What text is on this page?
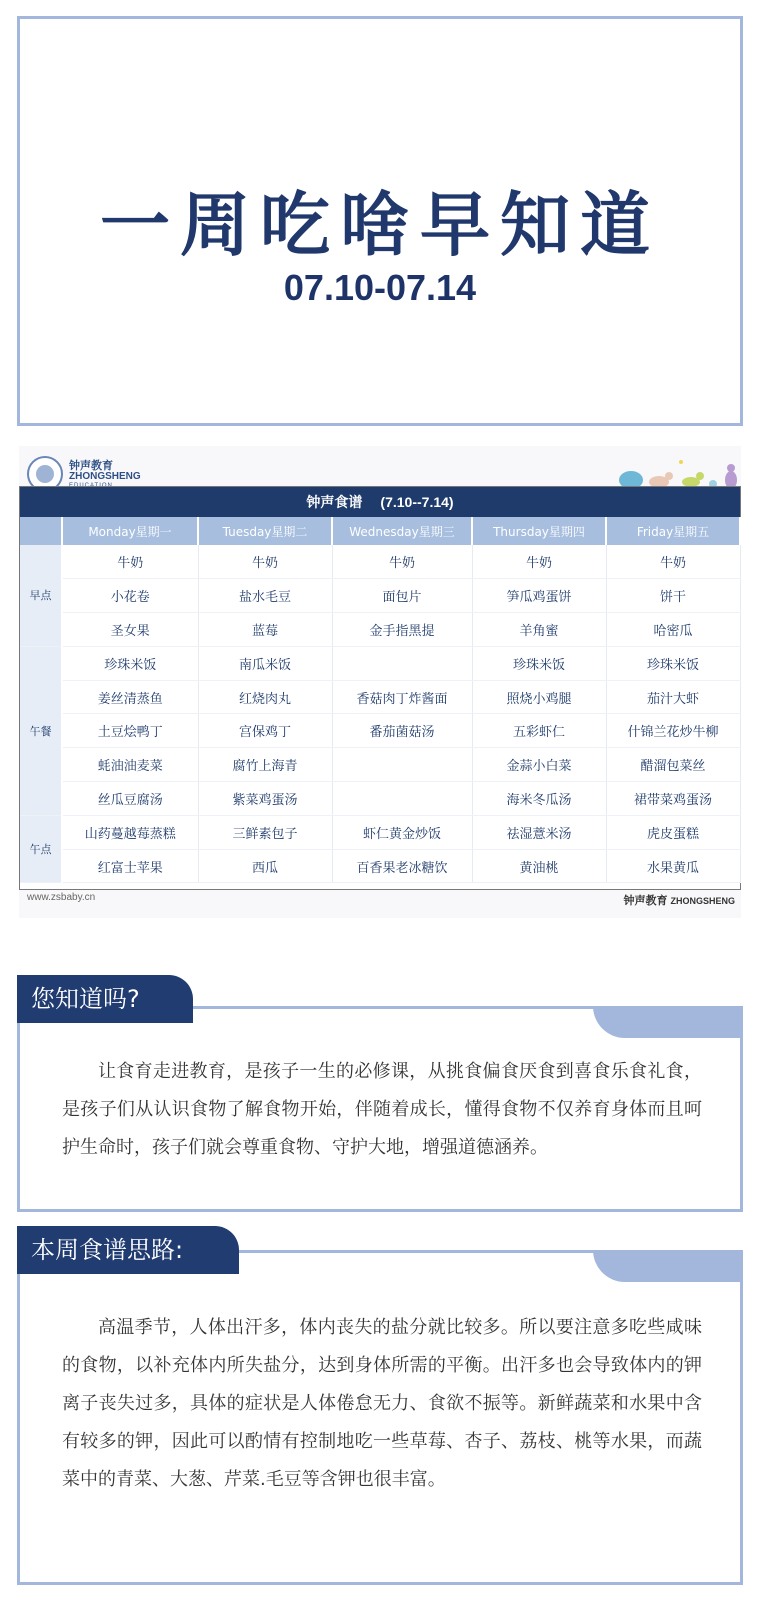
一周吃啥早知道
07.10-07.14
钟声教育
ZHONGSHENG
钟声食谱 (7.10--7.14)
	Monday星期一	Tuesday星期二	Wednesday星期三	Thursday星期四	Friday星期五
早点	牛奶	牛奶	牛奶	牛奶	牛奶
	小花卷	盐水毛豆	面包片	笋瓜鸡蛋饼	饼干
	圣女果	蓝莓	金手指黑提	羊角蜜	哈密瓜
午餐	珍珠米饭	南瓜米饭		珍珠米饭	珍珠米饭
	姜丝清蒸鱼	红烧肉丸	香菇肉丁炸酱面	照烧小鸡腿	茄汁大虾
	土豆烩鸭丁	宫保鸡丁	番茄菌菇汤	五彩虾仁	什锦兰花炒牛柳
	蚝油油麦菜	腐竹上海青		金蒜小白菜	醋溜包菜丝
	丝瓜豆腐汤	紫菜鸡蛋汤		海米冬瓜汤	裙带菜鸡蛋汤
午点	山药蔓越莓蒸糕	三鲜素包子	虾仁黄金炒饭	祛湿薏米汤	虎皮蛋糕
	红富士苹果	西瓜	百香果老冰糖饮	黄油桃	水果黄瓜
www.zsbaby.cn	钟声教育 ZHONGSHENG

让食育走进教育，是孩子一生的必修课，从挑食偏食厌食到喜食乐食礼食，是孩子们从认识食物了解食物开始，伴随着成长，懂得食物不仅养育身体而且呵护生命时，孩子们就会尊重食物、守护大地，增强道德涵养。

您知道吗?

高温季节，人体出汗多，体内丧失的盐分就比较多。所以要注意多吃些咸味的食物，以补充体内所失盐分，达到身体所需的平衡。出汗多也会导致体内的钾离子丧失过多，具体的症状是人体倦怠无力、食欲不振等。新鲜蔬菜和水果中含有较多的钾，因此可以酌情有控制地吃一些草莓、杏子、荔枝、桃等水果，而蔬菜中的青菜、大葱、芹菜.毛豆等含钾也很丰富。

本周食谱思路:
